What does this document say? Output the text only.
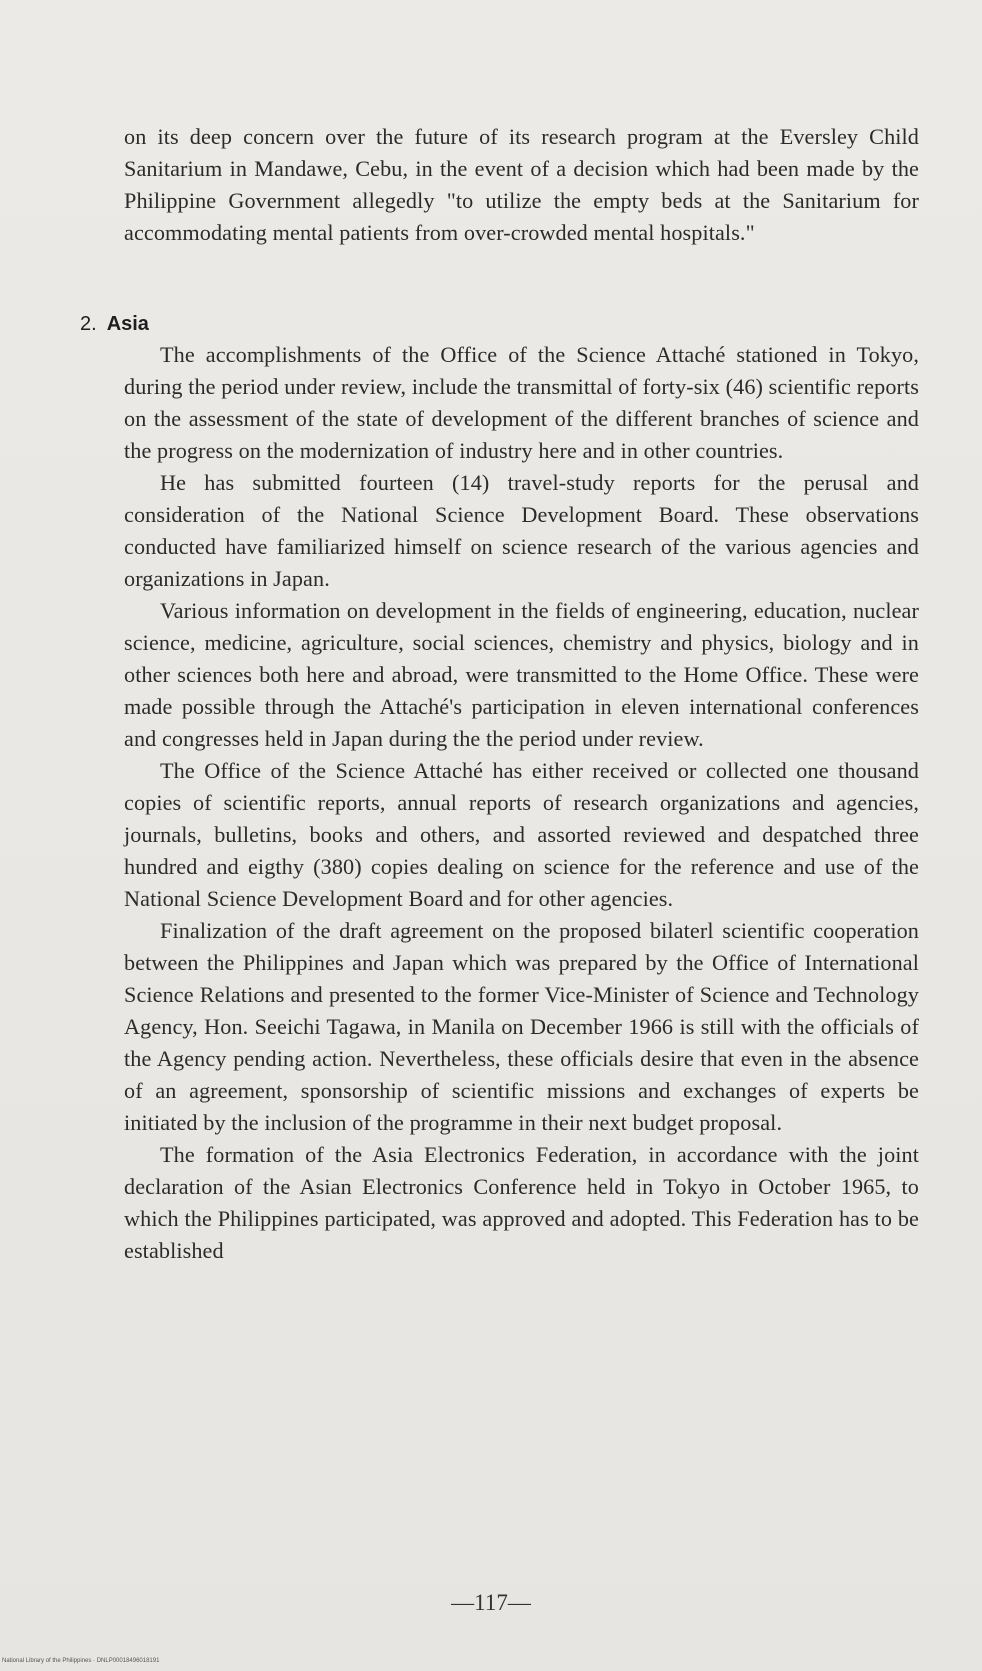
on its deep concern over the future of its research program at the Eversley Child Sanitarium in Mandawe, Cebu, in the event of a decision which had been made by the Philippine Government allegedly "to utilize the empty beds at the Sanitarium for accommodating mental patients from over-crowded mental hospitals."

2. Asia

The accomplishments of the Office of the Science Attaché stationed in Tokyo, during the period under review, include the transmittal of forty-six (46) scientific reports on the assessment of the state of development of the different branches of science and the progress on the modernization of industry here and in other countries.

He has submitted fourteen (14) travel-study reports for the perusal and consideration of the National Science Development Board. These observations conducted have familiarized himself on science research of the various agencies and organizations in Japan.

Various information on development in the fields of engineering, education, nuclear science, medicine, agriculture, social sciences, chemistry and physics, biology and in other sciences both here and abroad, were transmitted to the Home Office. These were made possible through the Attaché's participation in eleven international conferences and congresses held in Japan during the the period under review.

The Office of the Science Attaché has either received or collected one thousand copies of scientific reports, annual reports of research organizations and agencies, journals, bulletins, books and others, and assorted reviewed and despatched three hundred and eigthy (380) copies dealing on science for the reference and use of the National Science Development Board and for other agencies.

Finalization of the draft agreement on the proposed bilaterl scientific cooperation between the Philippines and Japan which was prepared by the Office of International Science Relations and presented to the former Vice-Minister of Science and Technology Agency, Hon. Seeichi Tagawa, in Manila on December 1966 is still with the officials of the Agency pending action. Nevertheless, these officials desire that even in the absence of an agreement, sponsorship of scientific missions and exchanges of experts be initiated by the inclusion of the programme in their next budget proposal.

The formation of the Asia Electronics Federation, in accordance with the joint declaration of the Asian Electronics Conference held in Tokyo in October 1965, to which the Philippines participated, was approved and adopted. This Federation has to be established

—117—
National Library of the Philippines · DNLP00018496018191
